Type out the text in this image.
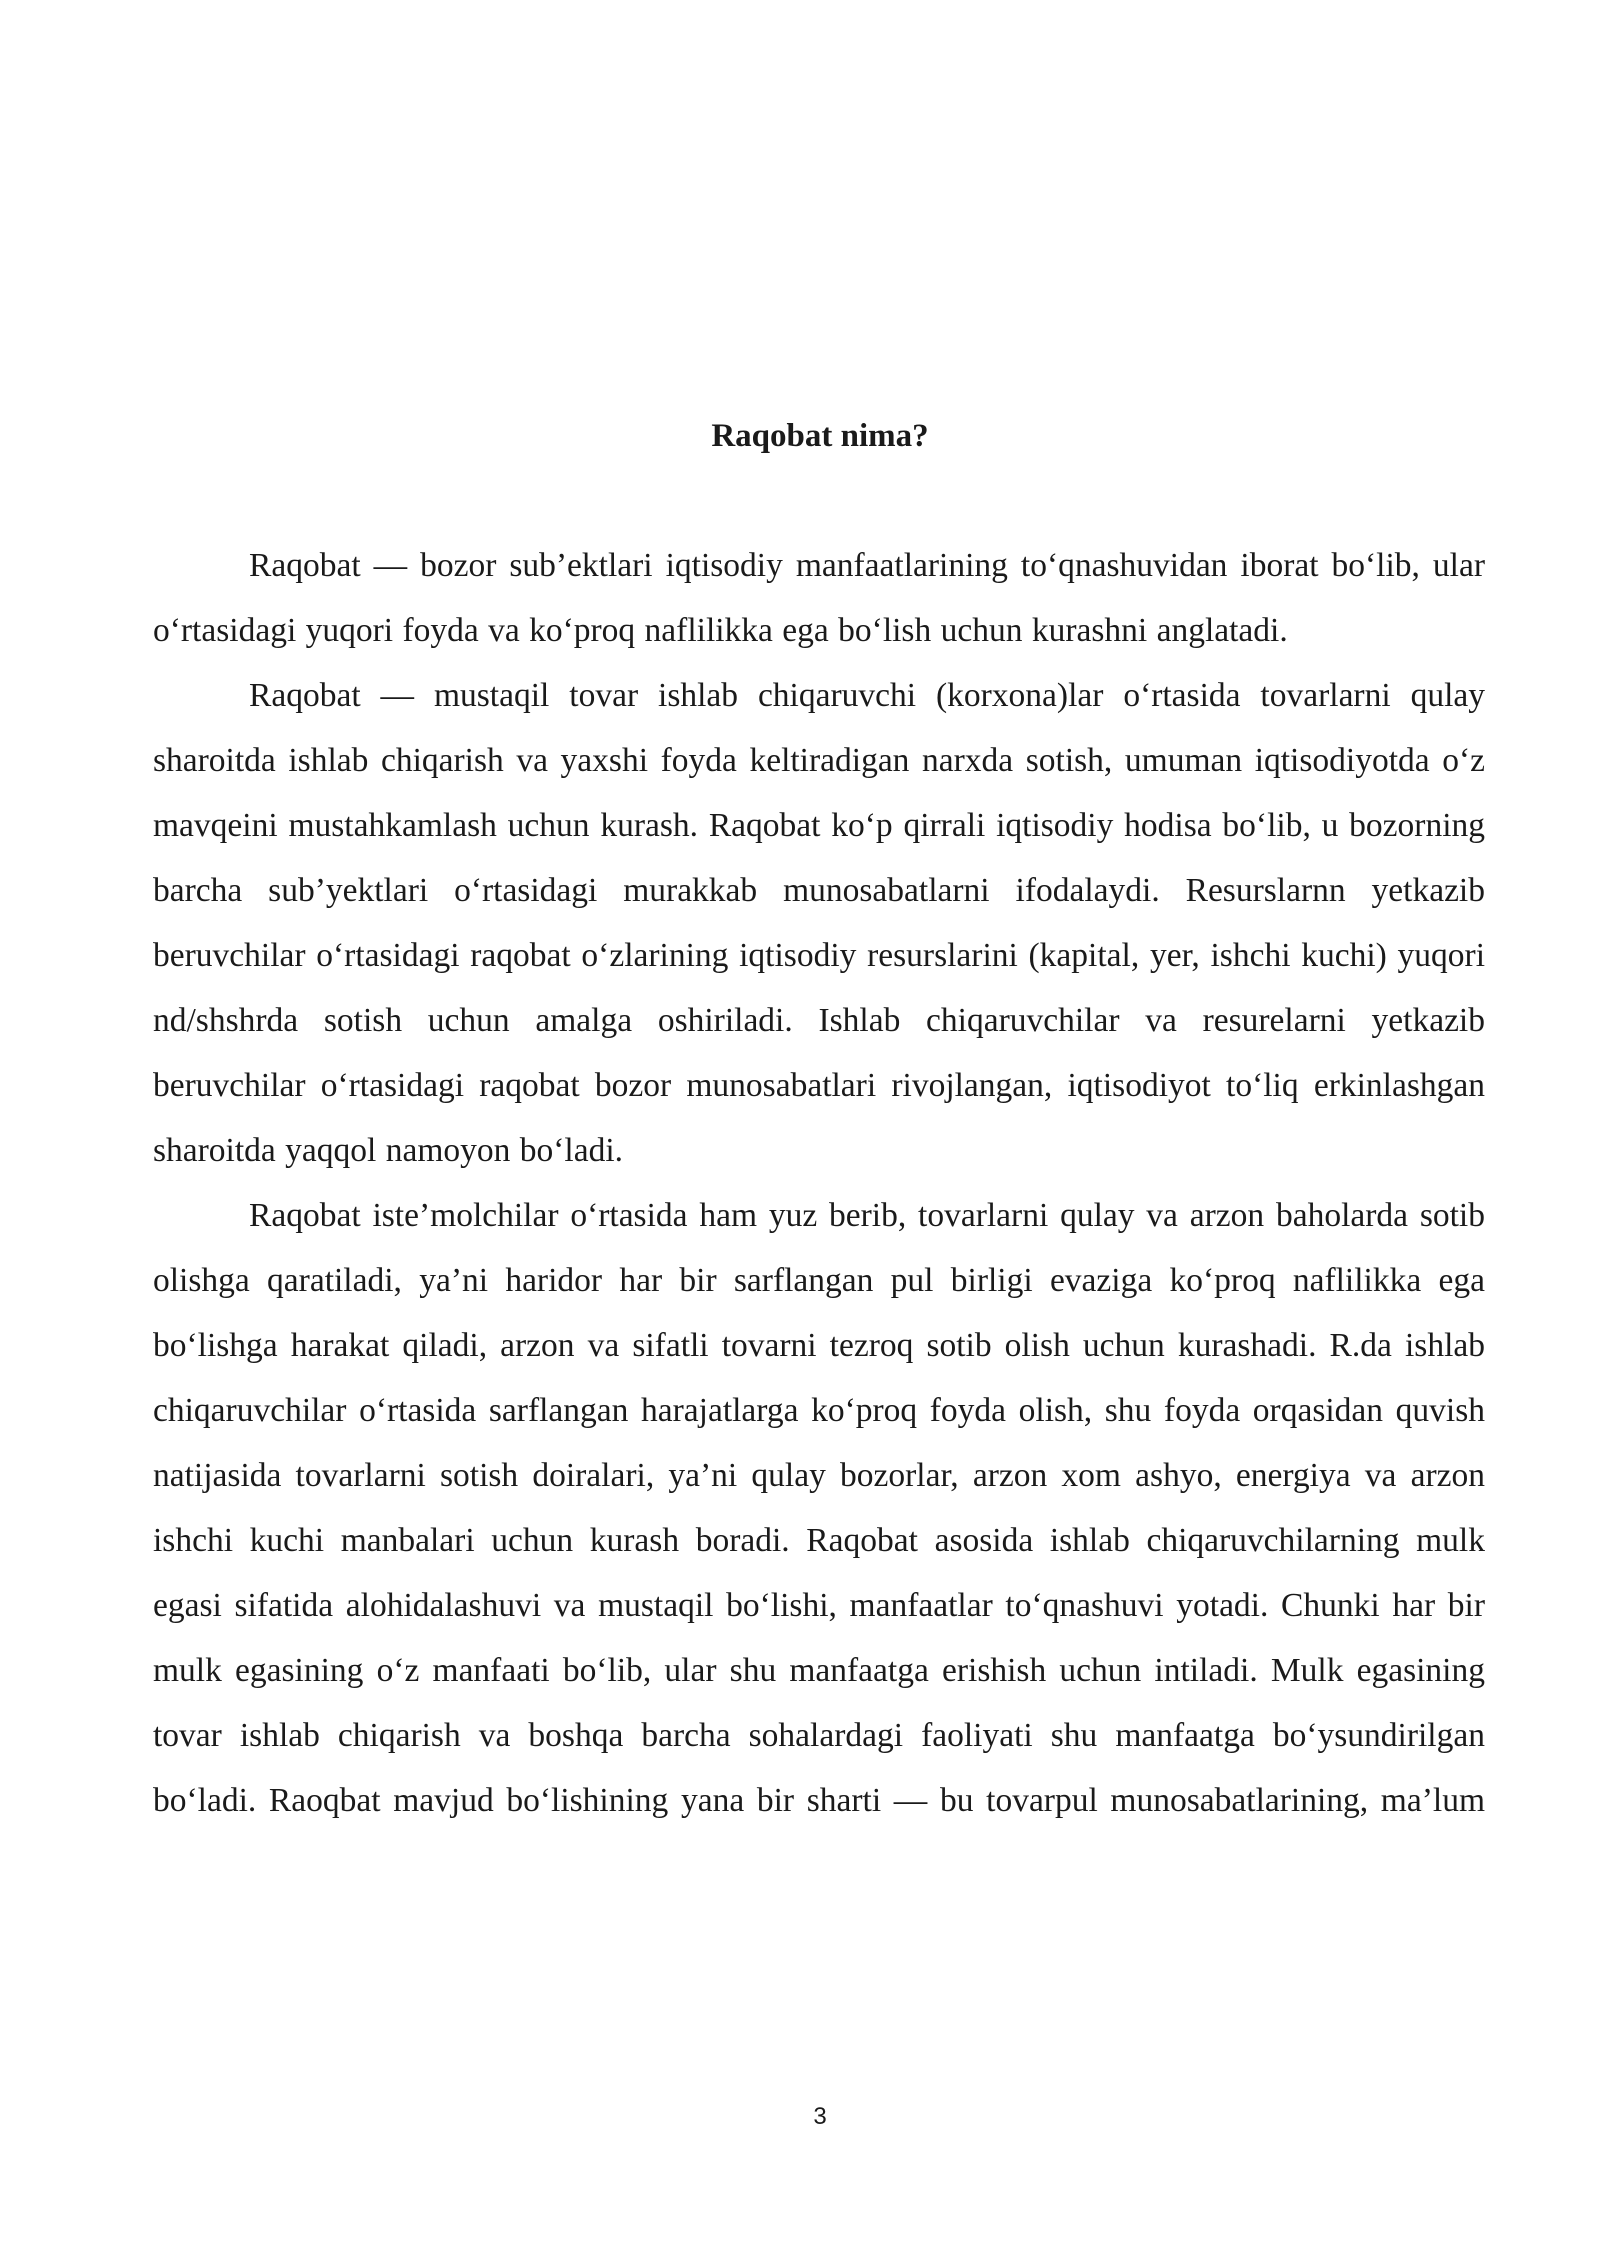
Raqobat nima?

Raqobat — bozor sub’ektlari iqtisodiy manfaatlarining to‘qnashuvidan iborat bo‘lib, ular o‘rtasidagi yuqori foyda va ko‘proq naflilikka ega bo‘lish uchun kurashni anglatadi.

Raqobat — mustaqil tovar ishlab chiqaruvchi (korxona)lar o‘rtasida tovarlarni qulay sharoitda ishlab chiqarish va yaxshi foyda keltiradigan narxda sotish, umuman iqtisodiyotda o‘z mavqeini mustahkamlash uchun kurash. Raqobat ko‘p qirrali iqtisodiy hodisa bo‘lib, u bozorning barcha sub’yektlari o‘rtasidagi murakkab munosabatlarni ifodalaydi. Resurslarnn yetkazib beruvchilar o‘rtasidagi raqobat o‘zlarining iqtisodiy resurslarini (kapital, yer, ishchi kuchi) yuqori nd/shshrda sotish uchun amalga oshiriladi. Ishlab chiqaruvchilar va resurelarni yetkazib beruvchilar o‘rtasidagi raqobat bozor munosabatlari rivojlangan, iqtisodiyot to‘liq erkinlashgan sharoitda yaqqol namoyon bo‘ladi.

Raqobat iste’molchilar o‘rtasida ham yuz berib, tovarlarni qulay va arzon baholarda sotib olishga qaratiladi, ya’ni haridor har bir sarflangan pul birligi evaziga ko‘proq naflilikka ega bo‘lishga harakat qiladi, arzon va sifatli tovarni tezroq sotib olish uchun kurashadi. R.da ishlab chiqaruvchilar o‘rtasida sarflangan harajatlarga ko‘proq foyda olish, shu foyda orqasidan quvish natijasida tovarlarni sotish doiralari, ya’ni qulay bozorlar, arzon xom ashyo, energiya va arzon ishchi kuchi manbalari uchun kurash boradi. Raqobat asosida ishlab chiqaruvchilarning mulk egasi sifatida alohidalashuvi va mustaqil bo‘lishi, manfaatlar to‘qnashuvi yotadi. Chunki har bir mulk egasining o‘z manfaati bo‘lib, ular shu manfaatga erishish uchun intiladi. Mulk egasining tovar ishlab chiqarish va boshqa barcha sohalardagi faoliyati shu manfaatga bo‘ysundirilgan bo‘ladi. Raoqbat mavjud bo‘lishining yana bir sharti — bu tovarpul munosabatlarining, ma’lum

3
